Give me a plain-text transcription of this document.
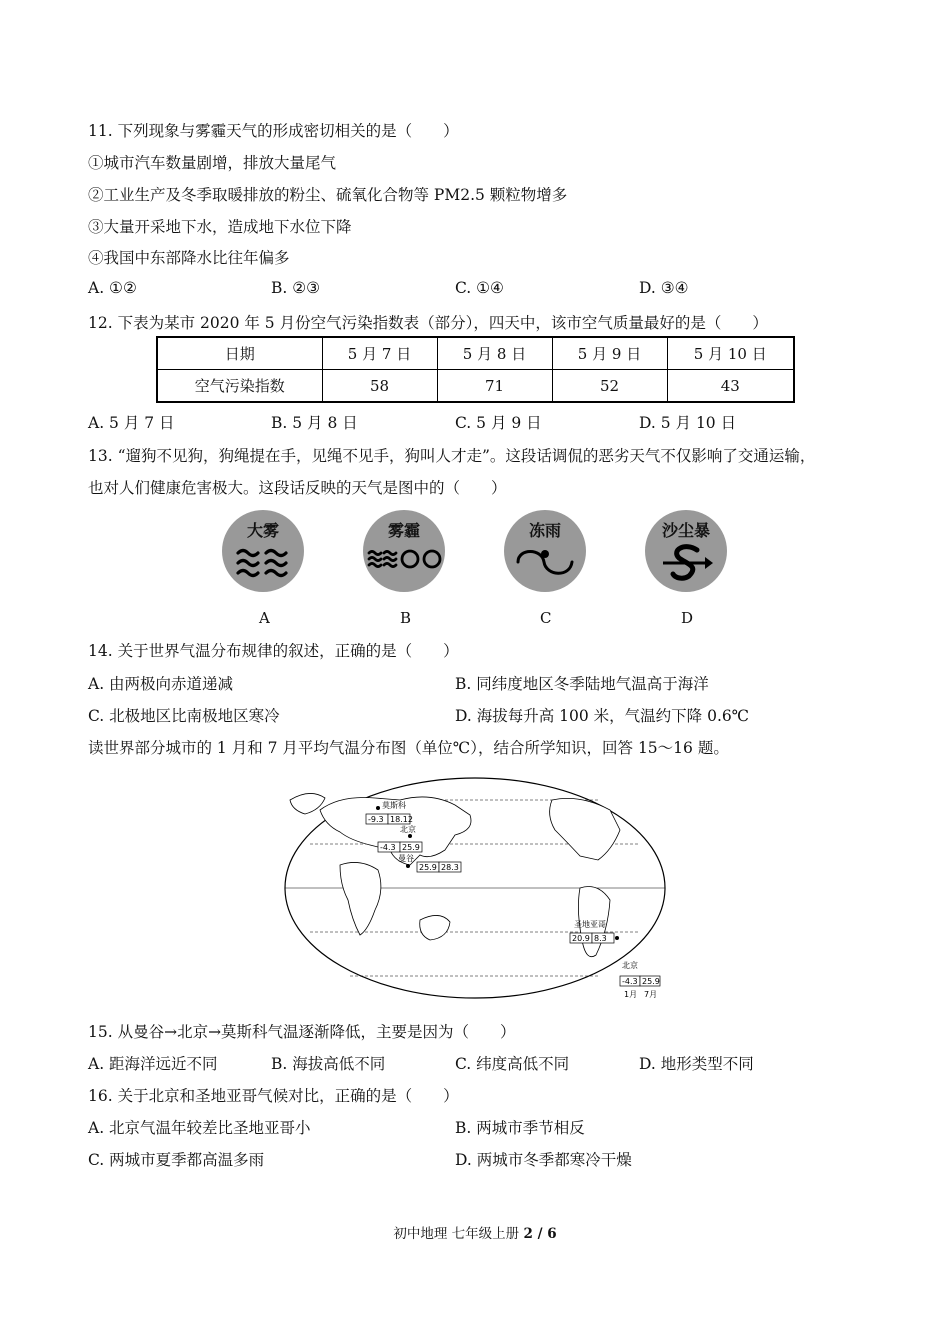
11. 下列现象与雾霾天气的形成密切相关的是（　　）
①城市汽车数量剧增，排放大量尾气
②工业生产及冬季取暖排放的粉尘、硫氧化合物等 PM2.5 颗粒物增多
③大量开采地下水，造成地下水位下降
④我国中东部降水比往年偏多
A. ①②	B. ②③	C. ①④	D. ③④
12. 下表为某市 2020 年 5 月份空气污染指数表（部分），四天中，该市空气质量最好的是（　　）
日期	5 月 7 日	5 月 8 日	5 月 9 日	5 月 10 日
空气污染指数	58	71	52	43
A. 5 月 7 日	B. 5 月 8 日	C. 5 月 9 日	D. 5 月 10 日
13. “遛狗不见狗，狗绳提在手，见绳不见手，狗叫人才走”。这段话调侃的恶劣天气不仅影响了交通运输，
也对人们健康危害极大。这段话反映的天气是图中的（　　）
大雾	雾霾	冻雨	沙尘暴
A	B	C	D
14. 关于世界气温分布规律的叙述，正确的是（　　）
A. 由两极向赤道递减	B. 同纬度地区冬季陆地气温高于海洋
C. 北极地区比南极地区寒冷	D. 海拔每升高 100 米，气温约下降 0.6℃
读世界部分城市的 1 月和 7 月平均气温分布图（单位℃），结合所学知识，回答 15～16 题。
莫斯科
-9.3 18.12
北京
-4.3 25.9
曼谷
25.9 28.3
圣地亚哥
20.9 8.3
北京
-4.3 25.9
1月 7月
15. 从曼谷→北京→莫斯科气温逐渐降低，主要是因为（　　）
A. 距海洋远近不同	B. 海拔高低不同	C. 纬度高低不同	D. 地形类型不同
16. 关于北京和圣地亚哥气候对比，正确的是（　　）
A. 北京气温年较差比圣地亚哥小	B. 两城市季节相反
C. 两城市夏季都高温多雨	D. 两城市冬季都寒冷干燥
初中地理 七年级上册 2 / 6
